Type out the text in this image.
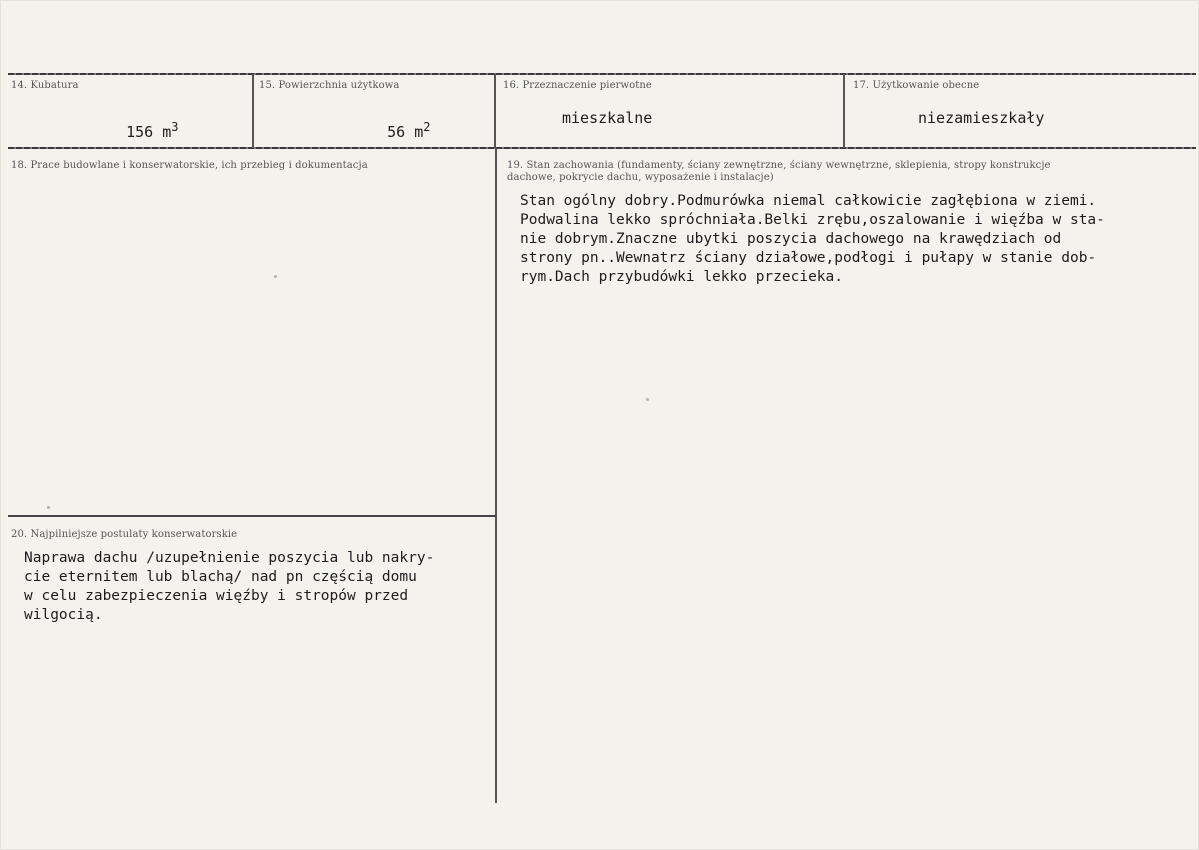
14. Kubatura

156 $m^3$

15. Powierzchnia użytkowa

56 $m^2$

16. Przeznaczenie pierwotne
mieszkalne
17. Użytkowanie obecne
niezamieszkały
18. Prace budowlane i konserwatorskie, ich przebieg i dokumentacja	19. Stan zachowania (fundamenty, ściany zewnętrzne, ściany wewnętrzne, sklepienia, stropy konstrukcje dachowe, pokrycie dachu, wyposażenie i instalacje)
Stan ogólny dobry.Podmurówka niemal całkowicie zagłębiona w ziemi.
Podwalina lekko spróchniała.Belki zrębu,oszalowanie i więźba w sta-
nie dobrym.Znaczne ubytki poszycia dachowego na krawędziach od
strony pn..Wewnatrz ściany działowe,podłogi i pułapy w stanie dob-
rym.Dach przybudówki lekko przecieka.
20. Najpilniejsze postulaty konserwatorskie
Naprawa dachu /uzupełnienie poszycia lub nakry-
cie eternitem lub blachą/ nad pn częścią domu
w celu zabezpieczenia więźby i stropów przed
wilgocią.
